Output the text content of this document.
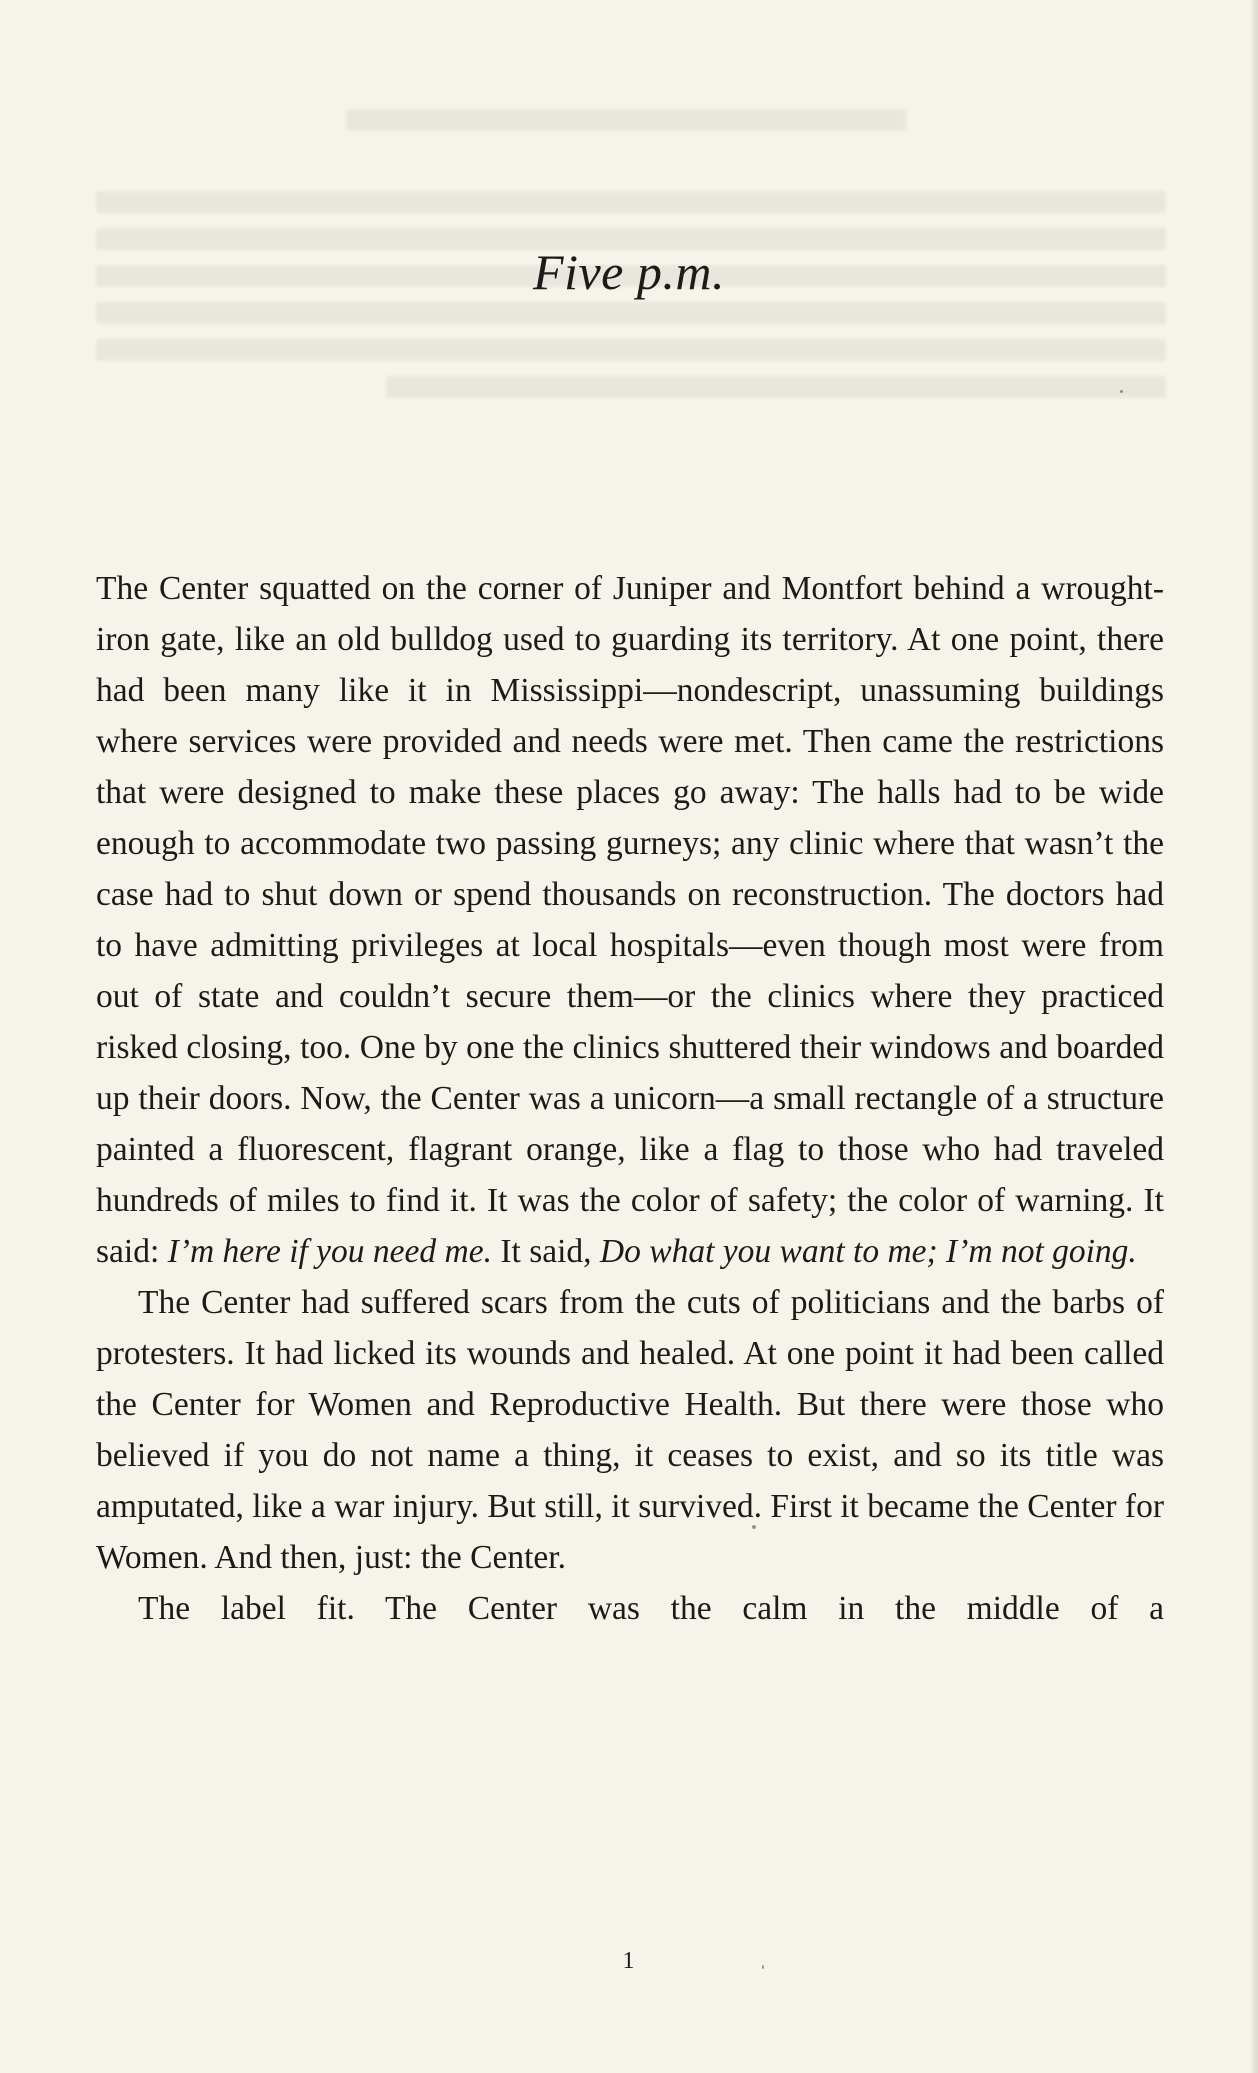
Five p.m.

The Center squatted on the corner of Juniper and Montfort behind a wrought-iron gate, like an old bulldog used to guarding its territory. At one point, there had been many like it in Mississippi—nondescript, unassuming buildings where services were provided and needs were met. Then came the restrictions that were designed to make these places go away: The halls had to be wide enough to accommodate two passing gurneys; any clinic where that wasn’t the case had to shut down or spend thousands on reconstruction. The doctors had to have admitting privileges at local hospitals—even though most were from out of state and couldn’t secure them—or the clinics where they practiced risked closing, too. One by one the clinics shuttered their windows and boarded up their doors. Now, the Center was a unicorn—a small rectangle of a structure painted a fluorescent, flagrant orange, like a flag to those who had traveled hundreds of miles to find it. It was the color of safety; the color of warning. It said: I’m here if you need me. It said, Do what you want to me; I’m not going.

The Center had suffered scars from the cuts of politicians and the barbs of protesters. It had licked its wounds and healed. At one point it had been called the Center for Women and Reproductive Health. But there were those who believed if you do not name a thing, it ceases to exist, and so its title was amputated, like a war injury. But still, it survived. First it became the Center for Women. And then, just: the Center.

The label fit. The Center was the calm in the middle of a

1
